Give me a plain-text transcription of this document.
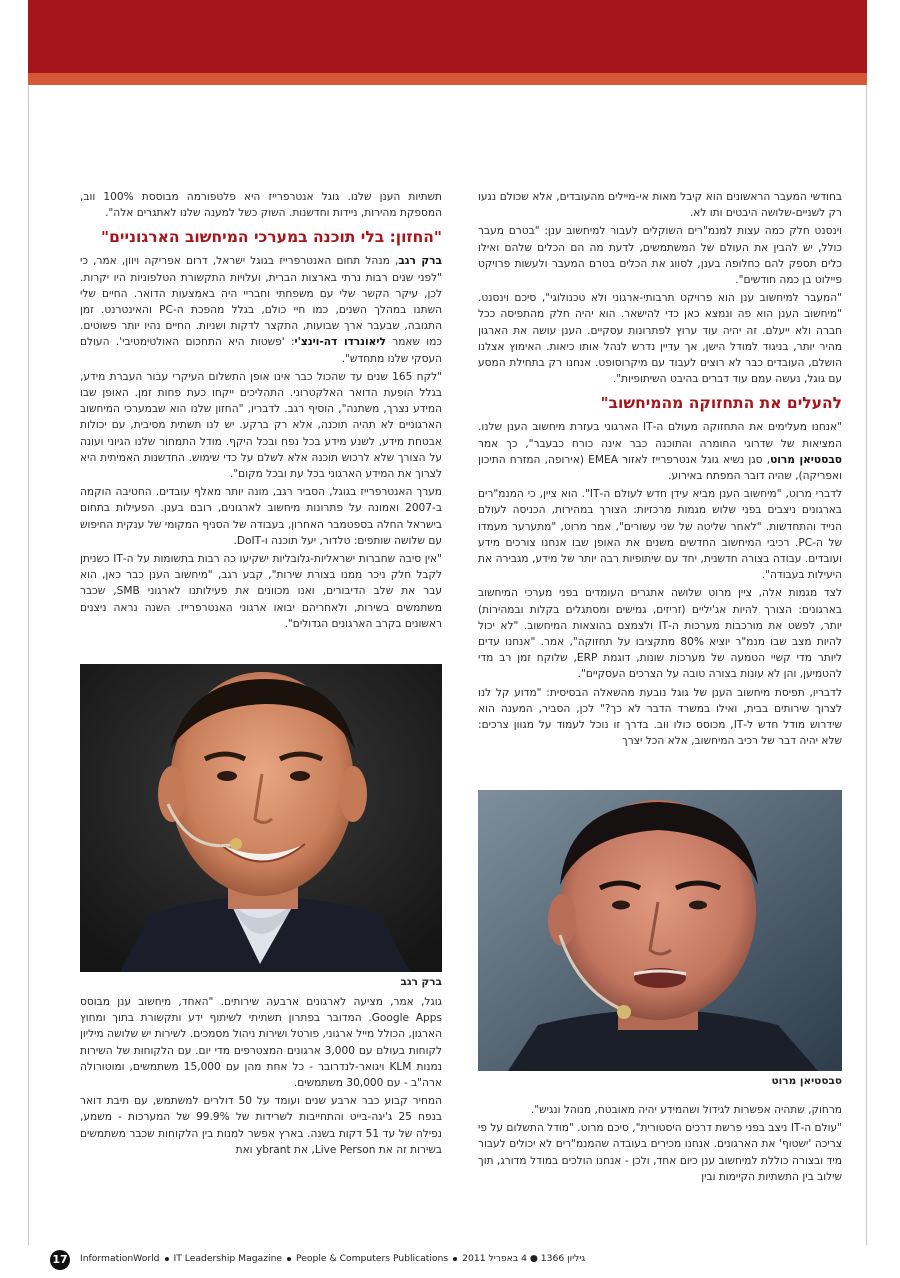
בחודשי המעבר הראשונים הוא קיבל מאות אי-מיילים מהעובדים, אלא שכולם נגעו רק לשניים-שלושה היבטים ותו לא.

וינסנט חלק כמה עצות למנמ"רים השוקלים לעבור למיחשוב ענן: "בטרם מעבר כולל, יש להבין את העולם של המשתמשים, לדעת מה הם הכלים שלהם ואילו כלים תספק להם כחלופה בענן, לסווג את הכלים בטרם המעבר ולעשות פרויקט פיילוט בן כמה חודשים".

"המעבר למיחשוב ענן הוא פרויקט תרבותי-ארגוני ולא טכנולוגי", סיכם וינסנט. "מיחשוב הענן הוא פה ונמצא כאן כדי להישאר. הוא יהיה חלק מהתפיסה ככל חברה ולא ייעלם. זה יהיה עוד ערוץ לפתרונות עסקיים. הענן עושה את הארגון מהיר יותר, בניגוד למודל הישן, אך עדיין נדרש לנהל אותו כיאות. האימוץ אצלנו הושלם, העובדים כבר לא רוצים לעבוד עם מיקרוסופט. אנחנו רק בתחילת המסע עם גוגל, נעשה עמם עוד דברים בהיבט השיתופיות".

להעלים את התחזוקה מהמיחשוב"

"אנחנו מעלימים את התחזוקה מעולם ה-IT הארגוני בעזרת מיחשוב הענן שלנו. המציאות של שדרוגי החומרה והתוכנה כבר אינה כורח כבעבר", כך אמר סבסטיאן מרוט, סגן נשיא גוגל אנטרפרייז לאזור EMEA (אירופה, המזרח התיכון ואפריקה), שהיה דובר המפתח באירוע.

לדברי מרוט, "מיחשוב הענן מביא עידן חדש לעולם ה-IT". הוא ציין, כי המנמ"רים בארגונים ניצבים בפני שלוש מגמות מרכזיות: הצורך במהירות, הכניסה לעולם הנייד והתחדשות. "לאחר שליטה של שני עשורים", אמר מרוט, "מתערער מעמדו של ה-PC. רכיבי המיחשוב החדשים משנים את האופן שבו אנחנו צורכים מידע ועובדים. עבודה בצורה חדשנית, יחד עם שיתופיות רבה יותר של מידע, מגבירה את היעילות בעבודה".

לצד מגמות אלה, ציין מרוט שלושה אתגרים העומדים בפני מערכי המיחשוב בארגונים: הצורך להיות אג'יליים (זריזים, גמישים ומסתגלים בקלות ובמהירות) יותר, לפשט את מורכבות מערכות ה-IT ולצמצם בהוצאות המיחשוב. "לא יכול להיות מצב שבו מנמ"ר יוציא 80% מתקציבו על תחזוקה", אמר. "אנחנו עדים ליותר מדי קשיי הטמעה של מערכות שונות, דוגמת ERP, שלוקח זמן רב מדי להטמיען, והן לא עונות בצורה טובה על הצרכים העסקיים".

לדבריו, תפיסת מיחשוב הענן של גוגל נובעת מהשאלה הבסיסית: "מדוע קל לנו לצרוך שירותים בבית, ואילו במשרד הדבר לא כך?" לכן, הסביר, המענה הוא שידרוש מודל חדש ל-IT, מכוסס כולו ווב. בדרך זו נוכל לעמוד על מגוון צרכים: שלא יהיה דבר של רכיב המיחשוב, אלא הכל יצרך

תשתיות הענן שלנו. גוגל אנטרפרייז היא פלטפורמה מבוססת 100% ווב, המספקת מהירות, ניידות וחדשנות. השוק כשל למענה שלנו לאתגרים אלה".

"החזון: בלי תוכנה במערכי המיחשוב הארגוניים"

ברק רגב, מנהל תחום האנטרפרייז בגוגל ישראל, דרום אפריקה ויוון, אמר, כי "לפני שנים רבות נרתי בארצות הברית, ועלויות התקשורת הטלפוניות היו יקרות. לכן, עיקר הקשר שלי עם משפחתי וחבריי היה באמצעות הדואר. החיים שלי השתנו במהלך השנים, כמו חיי כולם, בגלל מהפכת ה-PC והאינטרנט. זמן התגובה, שבעבר ארך שבועות, התקצר לדקות ושניות. החיים נהיו יותר פשוטים. כמו שאמר ליאונרדו דה-וינצ'י: 'פשטות היא התחכום האולטימטיבי'. העולם העסקי שלנו מתחדש".

"לקח 165 שנים עד שהכול כבר אינו אופן התשלום העיקרי עבור העברת מידע, בגלל הופעת הדואר האלקטרוני. התהליכים ייקחו כעת פחות זמן. האופן שבו המידע נצרך, משתנה", הוסיף רגב. לדבריו, "החזון שלנו הוא שבמערכי המיחשוב הארגוניים לא תהיה תוכנה, אלא רק ברקע. יש לנו תשתית מסיבית, עם יכולות אבטחת מידע, לשנע מידע בכל נפח ובכל היקף. מודל התמחור שלנו הגיוני ועונה על הצורך שלא לרכוש תוכנה אלא לשלם על כדי שימוש. החדשנות האמיתית היא לצרוך את המידע הארגוני בכל עת ובכל מקום".

מערך האנטרפרייז בגוגל, הסביר רגב, מונה יותר מאלף עובדים. החטיבה הוקמה ב-2007 ואמונה על פתרונות מיחשוב לארגונים, רובם בענן. הפעילות בתחום בישראל החלה בספטמבר האחרון, בעבודה של הסניף המקומי של ענקית החיפוש עם שלושה שותפים: טלדור, יעל תוכנה ו-DoIT.

"אין סיבה שחברות ישראליות-גלובליות ישקיעו כה רבות בתשומות על ה-IT כשניתן לקבל חלק ניכר ממנו בצורת שירות", קבע רגב, "מיחשוב הענן כבר כאן, הוא עבר את שלב הדיבורים, ואנו מכוונים את פעילותנו לארגוני SMB, שכבר משתמשים בשירות, ולאחריהם יבואו ארגוני האנטרפרייז. השנה נראה ניצנים ראשונים בקרב הארגונים הגדולים".

ברק רגב

גוגל, אמר, מציעה לארגונים ארבעה שירותים. "האחד, מיחשוב ענן מבוסס Google Apps. המדובר בפתרון תשתיתי לשיתוף ידע ותקשורת בתוך ומחוץ הארגון, הכולל מייל ארגוני, פורטל ושירות ניהול מסמכים. לשירות יש שלושה מיליון לקוחות בעולם עם 3,000 ארגונים המצטרפים מדי יום. עם הלקוחות של השירות נמנות KLM ויגואר-לנדרובר - כל אחת מהן עם 15,000 משתמשים, ומוטורולה ארה"ב - עם 30,000 משתמשים.

המחיר קבוע כבר ארבע שנים ועומד על 50 דולרים למשתמש, עם תיבת דואר בנפח 25 ג'יגה-בייט והתחייבות לשרידות של 99.9% של המערכות - משמע, נפילה של עד 51 דקות בשנה. בארץ אפשר למנות בין הלקוחות שכבר משתמשים בשירות זה את Live Person, את ybrant ואת

סבסטיאן מרוט

מרחוק, שתהיה אפשרות לגידול ושהמידע יהיה מאובטח, מנוהל ונגיש".

"עולם ה-IT ניצב בפני פרשת דרכים היסטורית", סיכם מרוט. "מודל התשלום על פי צריכה 'ישטוף' את הארגונים. אנחנו מכירים בעובדה שהמנמ"רים לא יכולים לעבור מיד ובצורה כוללת למיחשוב ענן כיום אחד, ולכן - אנחנו הולכים במודל מדורג, תוך שילוב בין התשתיות הקיימות ובין

17 InformationWorld IT Leadership Magazine People & Computers Publications גיליון 1366 ● 4 באפריל 2011
